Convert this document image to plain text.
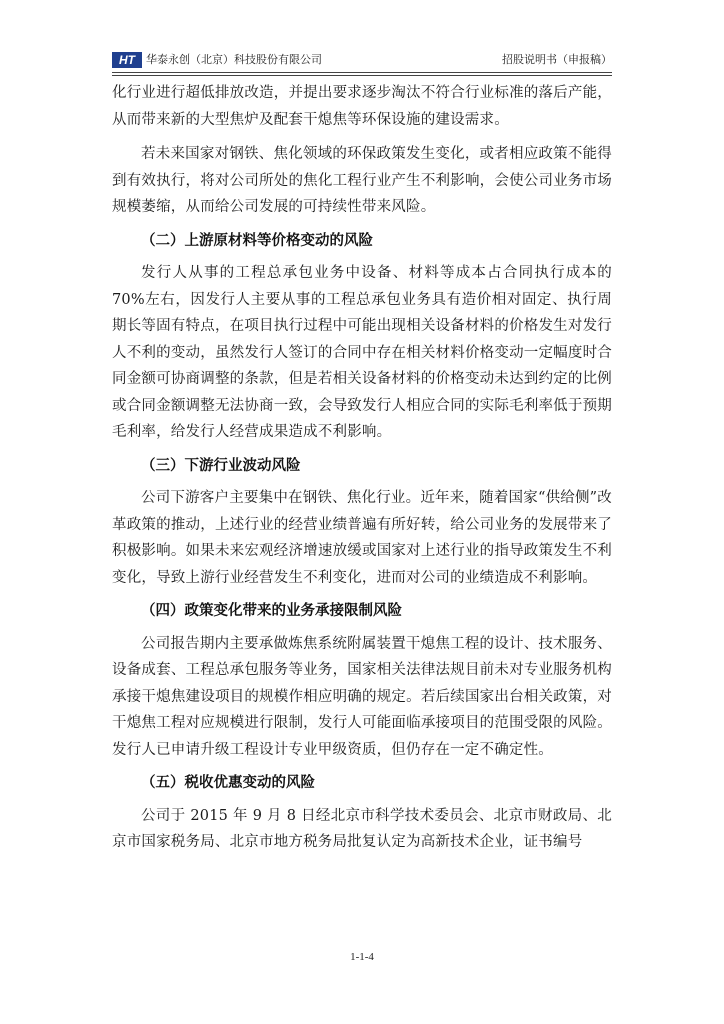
HT	华泰永创（北京）科技股份有限公司	招股说明书（申报稿）

化行业进行超低排放改造，并提出要求逐步淘汰不符合行业标准的落后产能，从而带来新的大型焦炉及配套干熄焦等环保设施的建设需求。

若未来国家对钢铁、焦化领域的环保政策发生变化，或者相应政策不能得到有效执行，将对公司所处的焦化工程行业产生不利影响，会使公司业务市场规模萎缩，从而给公司发展的可持续性带来风险。

（二）上游原材料等价格变动的风险

发行人从事的工程总承包业务中设备、材料等成本占合同执行成本的 70%左右，因发行人主要从事的工程总承包业务具有造价相对固定、执行周期长等固有特点，在项目执行过程中可能出现相关设备材料的价格发生对发行人不利的变动，虽然发行人签订的合同中存在相关材料价格变动一定幅度时合同金额可协商调整的条款，但是若相关设备材料的价格变动未达到约定的比例或合同金额调整无法协商一致，会导致发行人相应合同的实际毛利率低于预期毛利率，给发行人经营成果造成不利影响。

（三）下游行业波动风险

公司下游客户主要集中在钢铁、焦化行业。近年来，随着国家“供给侧”改革政策的推动，上述行业的经营业绩普遍有所好转，给公司业务的发展带来了积极影响。如果未来宏观经济增速放缓或国家对上述行业的指导政策发生不利变化，导致上游行业经营发生不利变化，进而对公司的业绩造成不利影响。

（四）政策变化带来的业务承接限制风险

公司报告期内主要承做炼焦系统附属装置干熄焦工程的设计、技术服务、设备成套、工程总承包服务等业务，国家相关法律法规目前未对专业服务机构承接干熄焦建设项目的规模作相应明确的规定。若后续国家出台相关政策，对干熄焦工程对应规模进行限制，发行人可能面临承接项目的范围受限的风险。发行人已申请升级工程设计专业甲级资质，但仍存在一定不确定性。

（五）税收优惠变动的风险

公司于 2015 年 9 月 8 日经北京市科学技术委员会、北京市财政局、北京市国家税务局、北京市地方税务局批复认定为高新技术企业，证书编号

1-1-4
